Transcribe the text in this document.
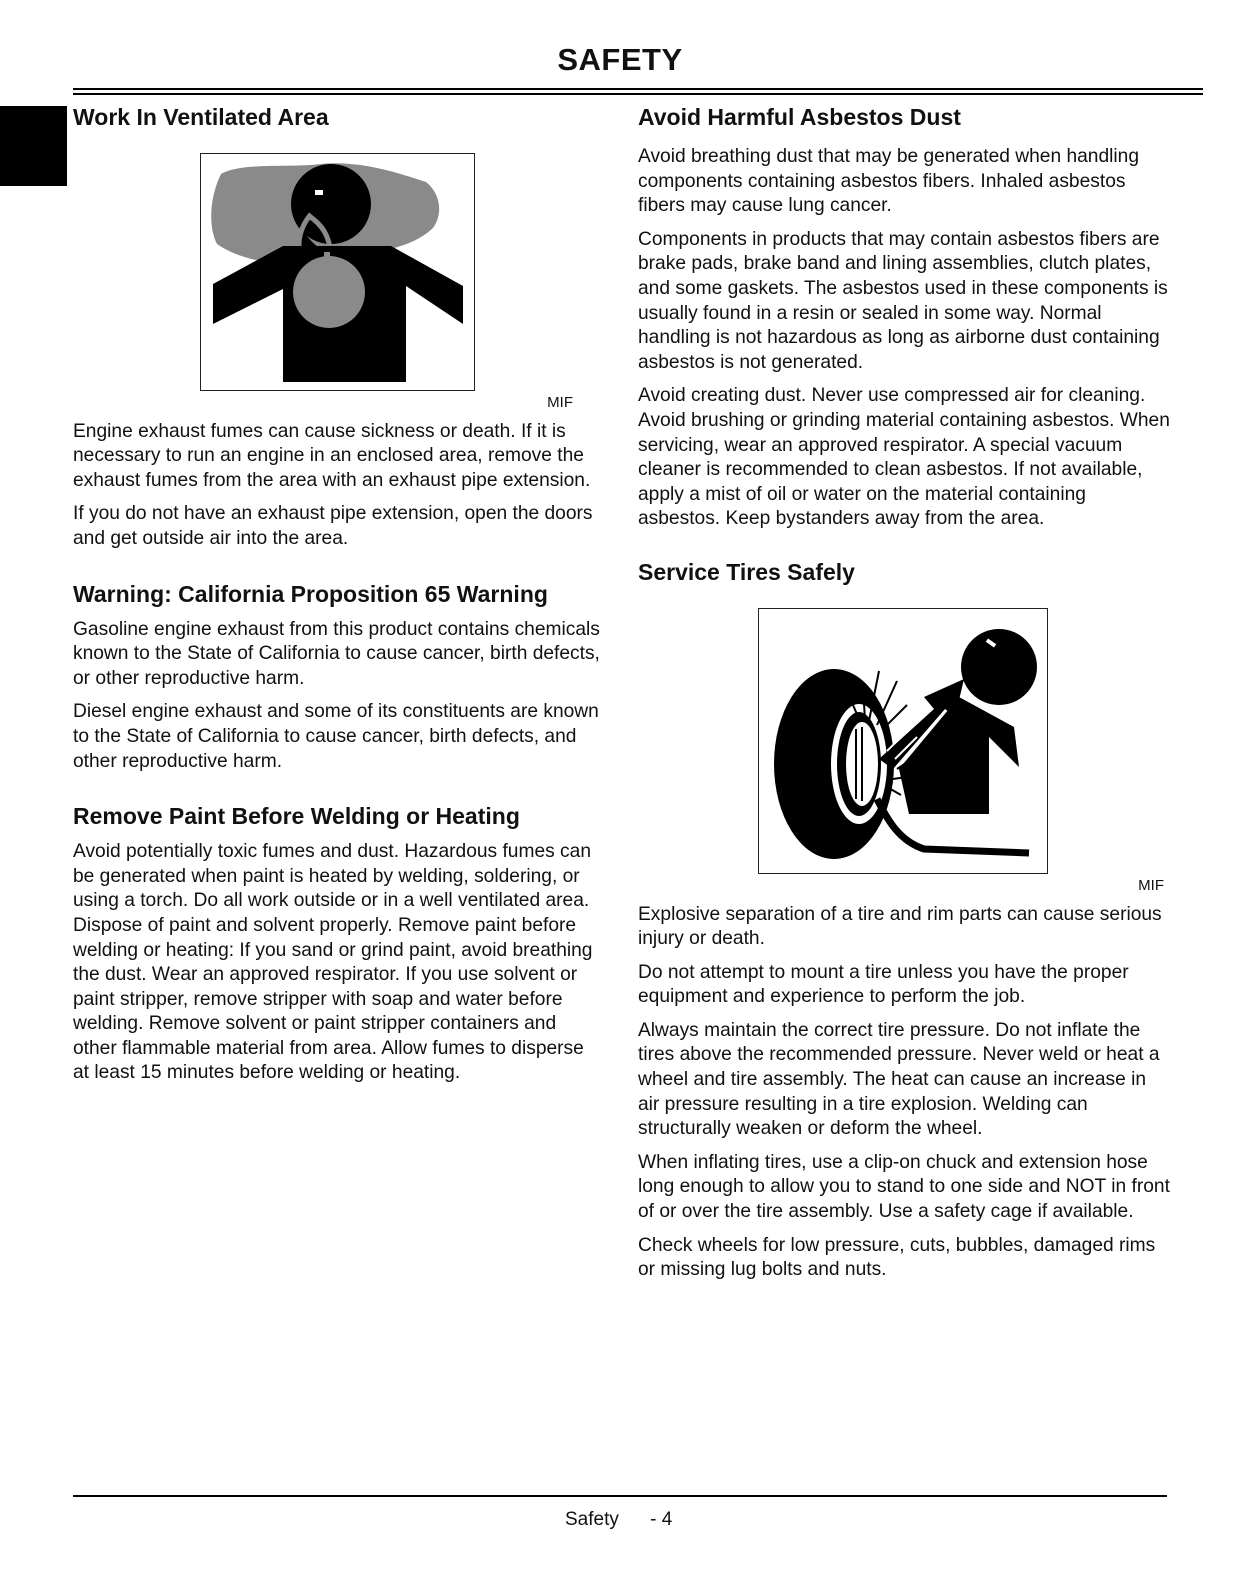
SAFETY
Work In Ventilated Area

MIF

Engine exhaust fumes can cause sickness or death. If it is necessary to run an engine in an enclosed area, remove the exhaust fumes from the area with an exhaust pipe extension.

If you do not have an exhaust pipe extension, open the doors and get outside air into the area.

Warning: California Proposition 65 Warning

Gasoline engine exhaust from this product contains chemicals known to the State of California to cause cancer, birth defects, or other reproductive harm.

Diesel engine exhaust and some of its constituents are known to the State of California to cause cancer, birth defects, and other reproductive harm.

Remove Paint Before Welding or Heating

Avoid potentially toxic fumes and dust. Hazardous fumes can be generated when paint is heated by welding, soldering, or using a torch. Do all work outside or in a well ventilated area. Dispose of paint and solvent properly. Remove paint before welding or heating: If you sand or grind paint, avoid breathing the dust. Wear an approved respirator. If you use solvent or paint stripper, remove stripper with soap and water before welding. Remove solvent or paint stripper containers and other flammable material from area. Allow fumes to disperse at least 15 minutes before welding or heating.

Avoid Harmful Asbestos Dust

Avoid breathing dust that may be generated when handling components containing asbestos fibers. Inhaled asbestos fibers may cause lung cancer.

Components in products that may contain asbestos fibers are brake pads, brake band and lining assemblies, clutch plates, and some gaskets. The asbestos used in these components is usually found in a resin or sealed in some way. Normal handling is not hazardous as long as airborne dust containing asbestos is not generated.

Avoid creating dust. Never use compressed air for cleaning. Avoid brushing or grinding material containing asbestos. When servicing, wear an approved respirator. A special vacuum cleaner is recommended to clean asbestos. If not available, apply a mist of oil or water on the material containing asbestos. Keep bystanders away from the area.

Service Tires Safely

MIF

Explosive separation of a tire and rim parts can cause serious injury or death.

Do not attempt to mount a tire unless you have the proper equipment and experience to perform the job.

Always maintain the correct tire pressure. Do not inflate the tires above the recommended pressure. Never weld or heat a wheel and tire assembly. The heat can cause an increase in air pressure resulting in a tire explosion. Welding can structurally weaken or deform the wheel.

When inflating tires, use a clip-on chuck and extension hose long enough to allow you to stand to one side and NOT in front of or over the tire assembly. Use a safety cage if available.

Check wheels for low pressure, cuts, bubbles, damaged rims or missing lug bolts and nuts.

Safety - 4
